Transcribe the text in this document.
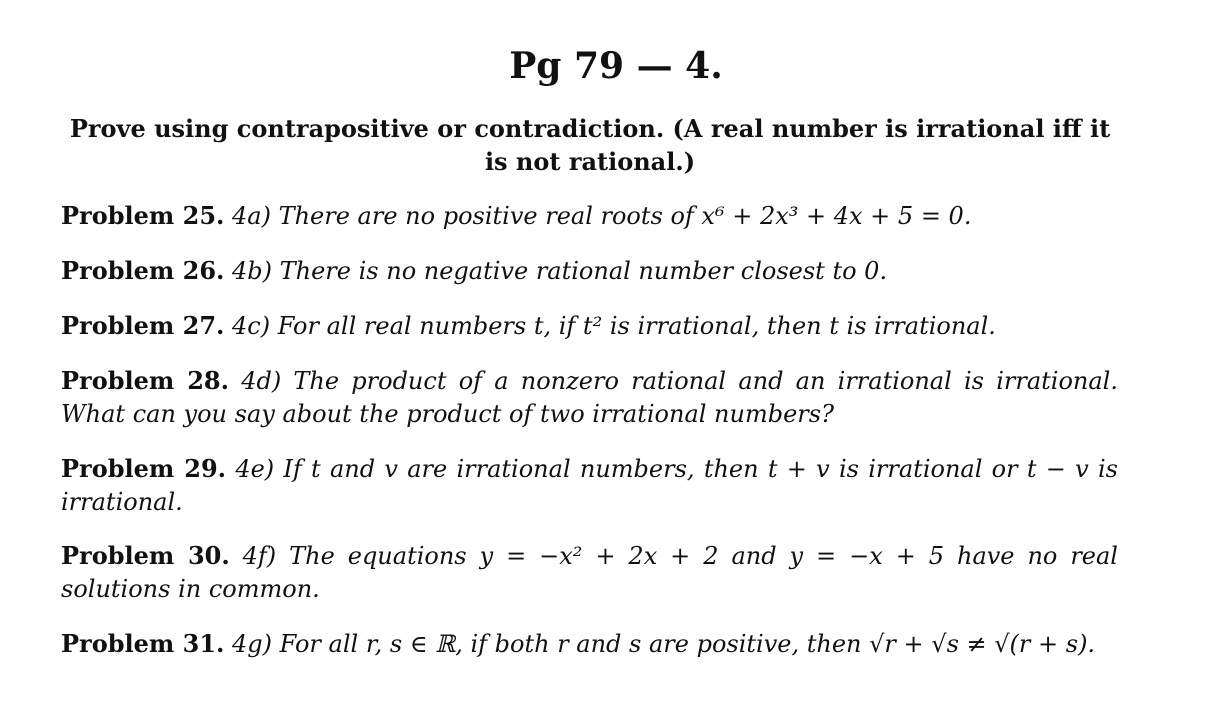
Pg 79 — 4.
Prove using contrapositive or contradiction. (A real number is irrational iff it is not rational.)
Problem 25. 4a) There are no positive real roots of x⁶ + 2x³ + 4x + 5 = 0.
Problem 26. 4b) There is no negative rational number closest to 0.
Problem 27. 4c) For all real numbers t, if t² is irrational, then t is irrational.
Problem 28. 4d) The product of a nonzero rational and an irrational is irrational. What can you say about the product of two irrational numbers?
Problem 29. 4e) If t and v are irrational numbers, then t + v is irrational or t − v is irrational.
Problem 30. 4f) The equations y = −x² + 2x + 2 and y = −x + 5 have no real solutions in common.
Problem 31. 4g) For all r, s ∈ ℝ, if both r and s are positive, then √r + √s ≠ √(r + s).
